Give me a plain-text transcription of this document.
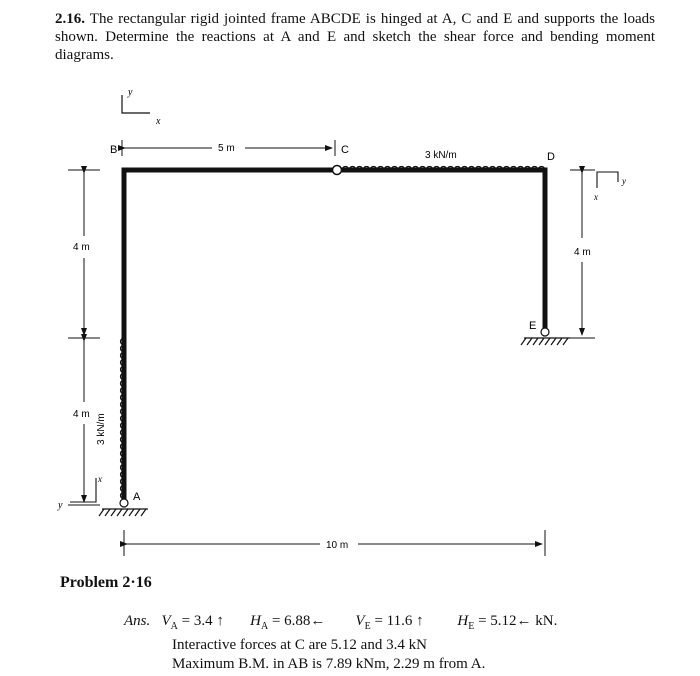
2.16. The rectangular rigid jointed frame ABCDE is hinged at A, C and E and supports the loads shown. Determine the reactions at A and E and sketch the shear force and bending moment diagrams.
y
x
5 m
B	C
D
3 kN/m
3 kN/m
E
A
4 m
4 m
x
y
4 m
x
y
10 m
Problem 2·16
Ans. $V_A = 3.4$ ↑ $H_A$ = 6.88← $V_E = 11.6$ ↑ $H_E$ = 5.12← kN.
Interactive forces at C are 5.12 and 3.4 kN
Maximum B.M. in AB is 7.89 kNm, 2.29 m from A.
